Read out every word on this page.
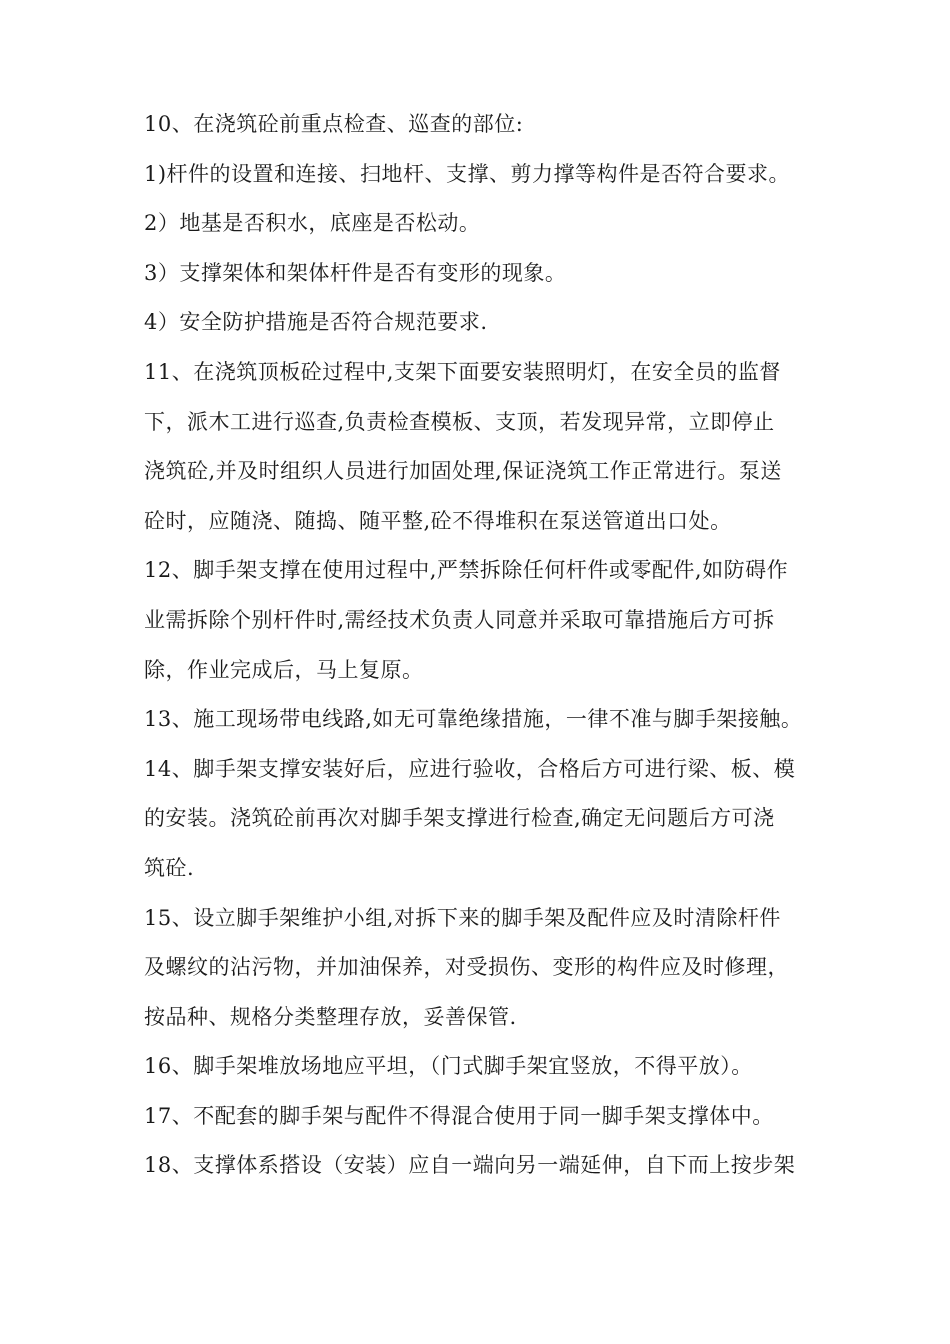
10、在浇筑砼前重点检查、巡查的部位:
1)杆件的设置和连接、扫地杆、支撑、剪力撑等构件是否符合要求。
2）地基是否积水，底座是否松动。
3）支撑架体和架体杆件是否有变形的现象。
4）安全防护措施是否符合规范要求.
11、在浇筑顶板砼过程中,支架下面要安装照明灯，在安全员的监督
下，派木工进行巡查,负责检查模板、支顶，若发现异常，立即停止
浇筑砼,并及时组织人员进行加固处理,保证浇筑工作正常进行。泵送
砼时，应随浇、随捣、随平整,砼不得堆积在泵送管道出口处。
12、脚手架支撑在使用过程中,严禁拆除任何杆件或零配件,如防碍作
业需拆除个别杆件时,需经技术负责人同意并采取可靠措施后方可拆
除，作业完成后，马上复原。
13、施工现场带电线路,如无可靠绝缘措施，一律不准与脚手架接触。
14、脚手架支撑安装好后，应进行验收，合格后方可进行梁、板、模
的安装。浇筑砼前再次对脚手架支撑进行检查,确定无问题后方可浇
筑砼.
15、设立脚手架维护小组,对拆下来的脚手架及配件应及时清除杆件
及螺纹的沾污物，并加油保养，对受损伤、变形的构件应及时修理，
按品种、规格分类整理存放，妥善保管.
16、脚手架堆放场地应平坦，（门式脚手架宜竖放，不得平放）。
17、不配套的脚手架与配件不得混合使用于同一脚手架支撑体中。
18、支撑体系搭设（安装）应自一端向另一端延伸，自下而上按步架
